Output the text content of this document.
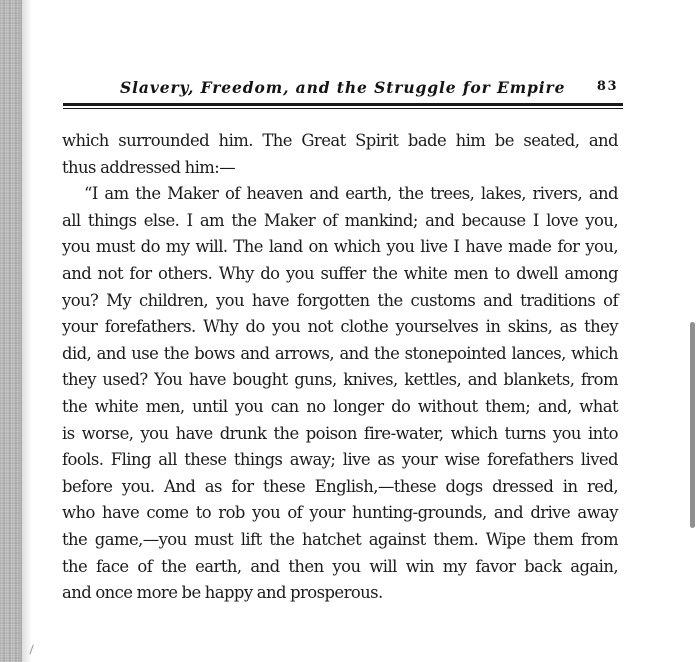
Slavery, Freedom, and the Struggle for Empire 83
which surrounded him. The Great Spirit bade him be seated, and
thus addressed him:—
“I am the Maker of heaven and earth, the trees, lakes, rivers, and
all things else. I am the Maker of mankind; and because I love you,
you must do my will. The land on which you live I have made for you,
and not for others. Why do you suffer the white men to dwell among
you? My children, you have forgotten the customs and traditions of
your forefathers. Why do you not clothe yourselves in skins, as they
did, and use the bows and arrows, and the stonepointed lances, which
they used? You have bought guns, knives, kettles, and blankets, from
the white men, until you can no longer do without them; and, what
is worse, you have drunk the poison fire-water, which turns you into
fools. Fling all these things away; live as your wise forefathers lived
before you. And as for these English,—these dogs dressed in red,
who have come to rob you of your hunting-grounds, and drive away
the game,—you must lift the hatchet against them. Wipe them from
the face of the earth, and then you will win my favor back again,
and once more be happy and prosperous.
